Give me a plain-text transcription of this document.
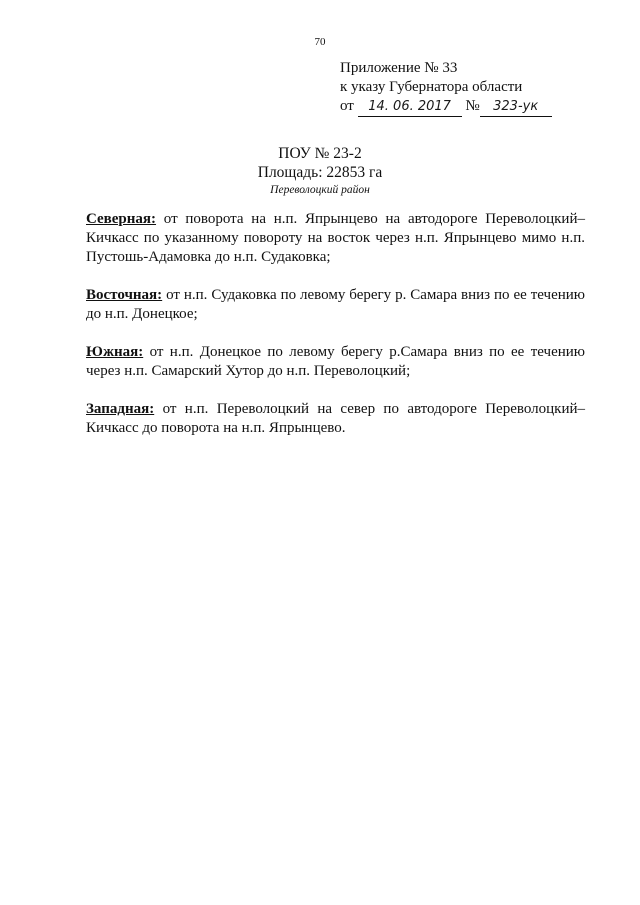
70
Приложение № 33
к указу Губернатора области
от 14. 06. 2017 № 323-ук
ПОУ № 23-2
Площадь: 22853 га
Переволоцкий район

Северная: от поворота на н.п. Япрынцево на автодороге Переволоцкий–Кичкасс по указанному повороту на восток через н.п. Япрынцево мимо н.п. Пустошь-Адамовка до н.п. Судаковка;

Восточная: от н.п. Судаковка по левому берегу р. Самара вниз по ее течению до н.п. Донецкое;

Южная: от н.п. Донецкое по левому берегу р.Самара вниз по ее течению через н.п. Самарский Хутор до н.п. Переволоцкий;

Западная: от н.п. Переволоцкий на север по автодороге Переволоцкий–Кичкасс до поворота на н.п. Япрынцево.
